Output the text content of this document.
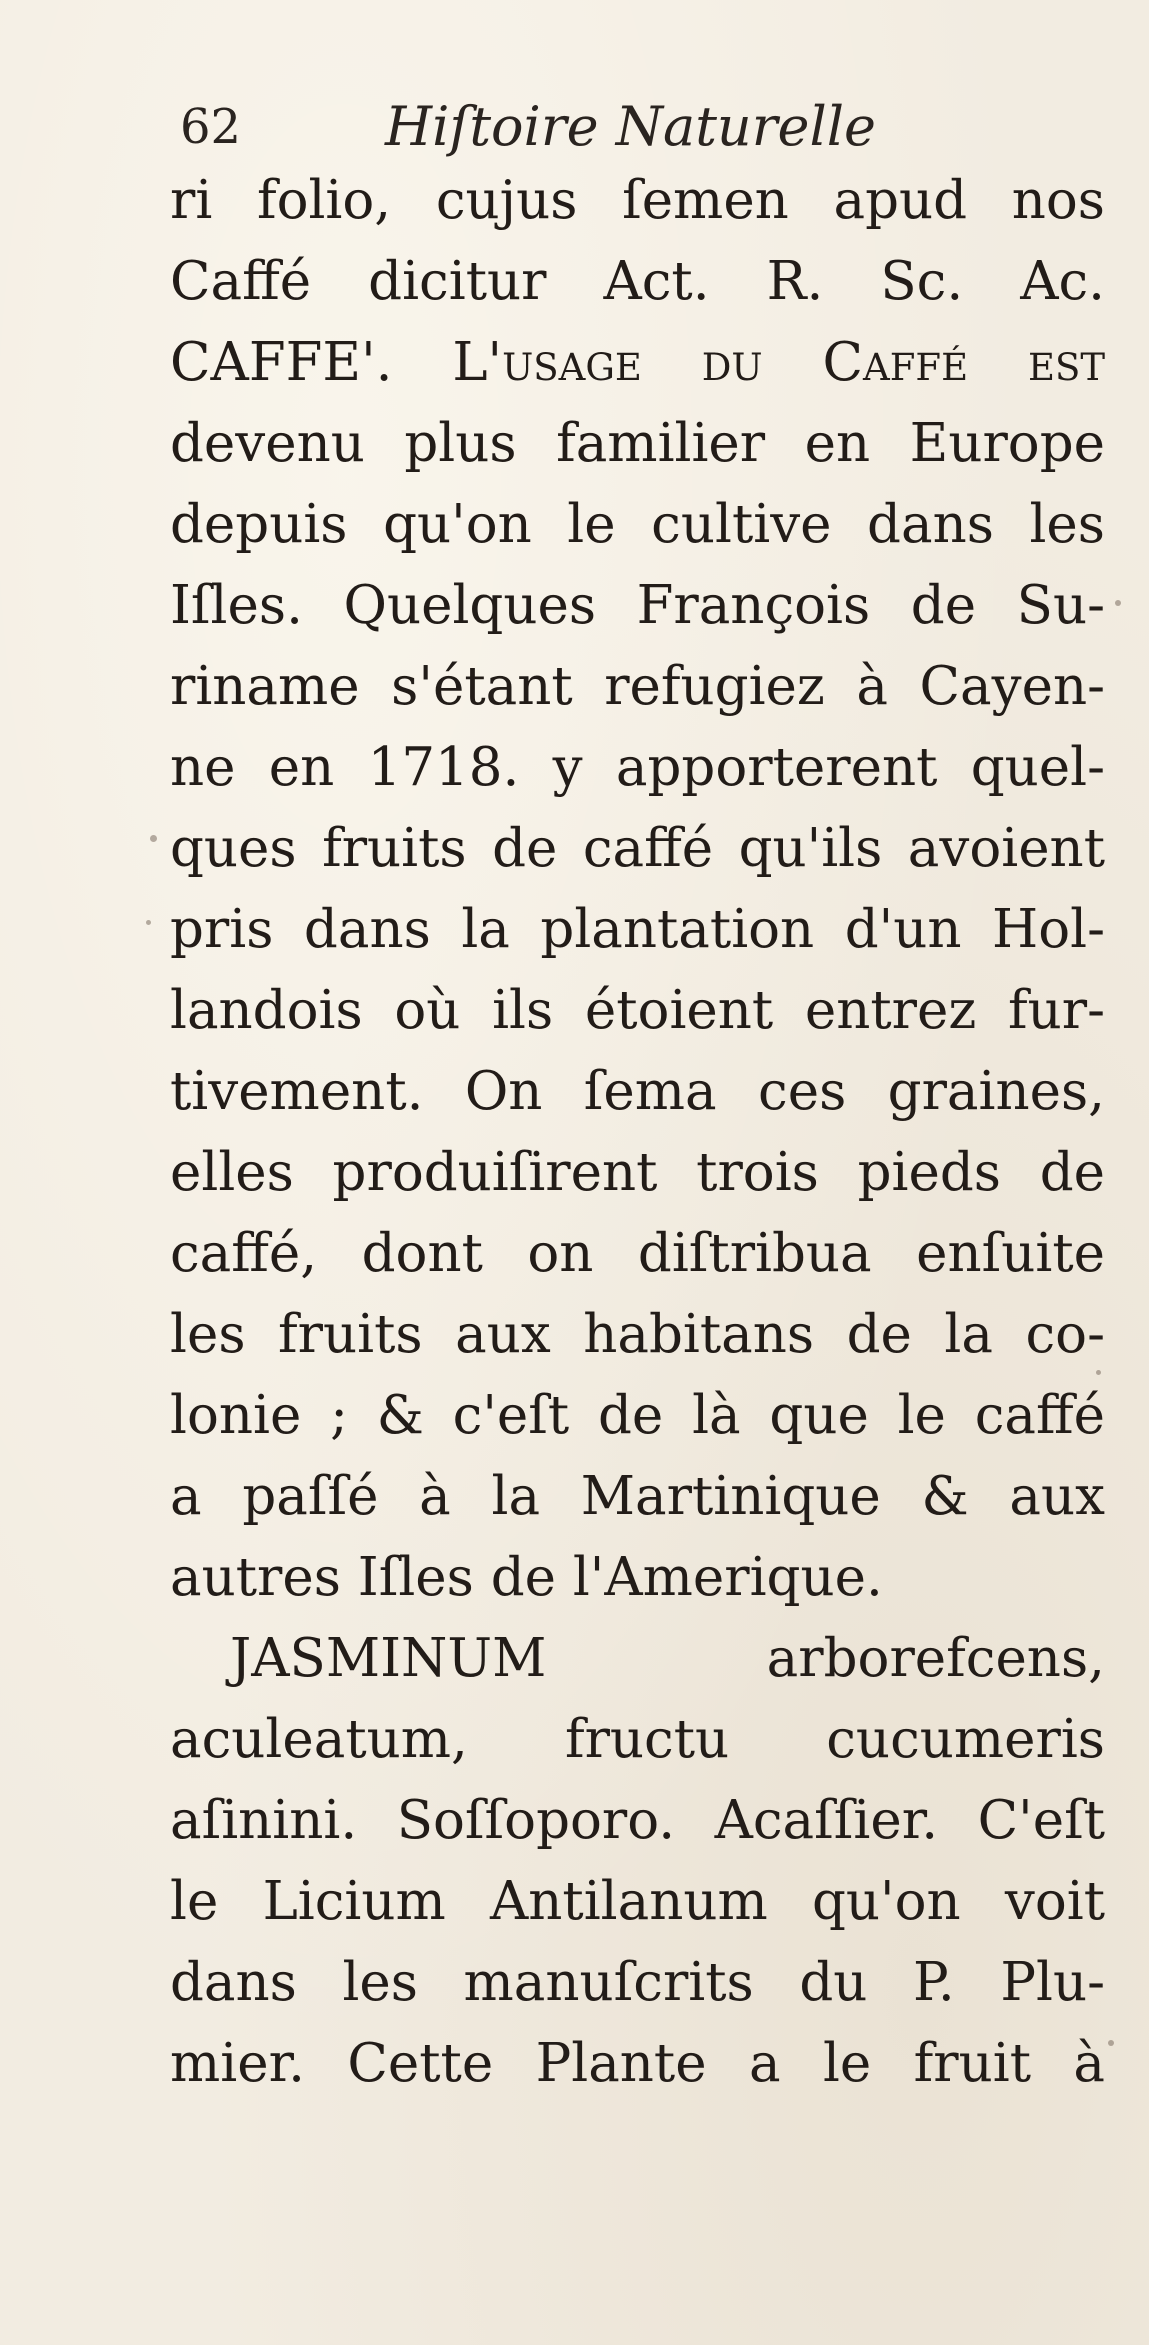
62	Hiſtoire Naturelle
ri folio, cujus ſemen apud nos
Caffé dicitur Act. R. Sc. Ac.
CAFFE'. L'uſage du Caffé eſt
devenu plus familier en Europe
depuis qu'on le cultive dans les
Iſles. Quelques François de Su-
riname s'étant refugiez à Cayen-
ne en 1718. y apporterent quel-
ques fruits de caffé qu'ils avoient
pris dans la plantation d'un Hol-
landois où ils étoient entrez fur-
tivement. On ſema ces graines,
elles produiſirent trois pieds de
caffé, dont on diſtribua enſuite
les fruits aux habitans de la co-
lonie ; & c'eſt de là que le caffé
a paſſé à la Martinique & aux
autres Iſles de l'Amerique.
JASMINUM arborefcens,
aculeatum, fructu cucumeris
aſinini. Soſſoporo. Acaſſier. C'eſt
le Licium Antilanum qu'on voit
dans les manuſcrits du P. Plu-
mier. Cette Plante a le fruit à
